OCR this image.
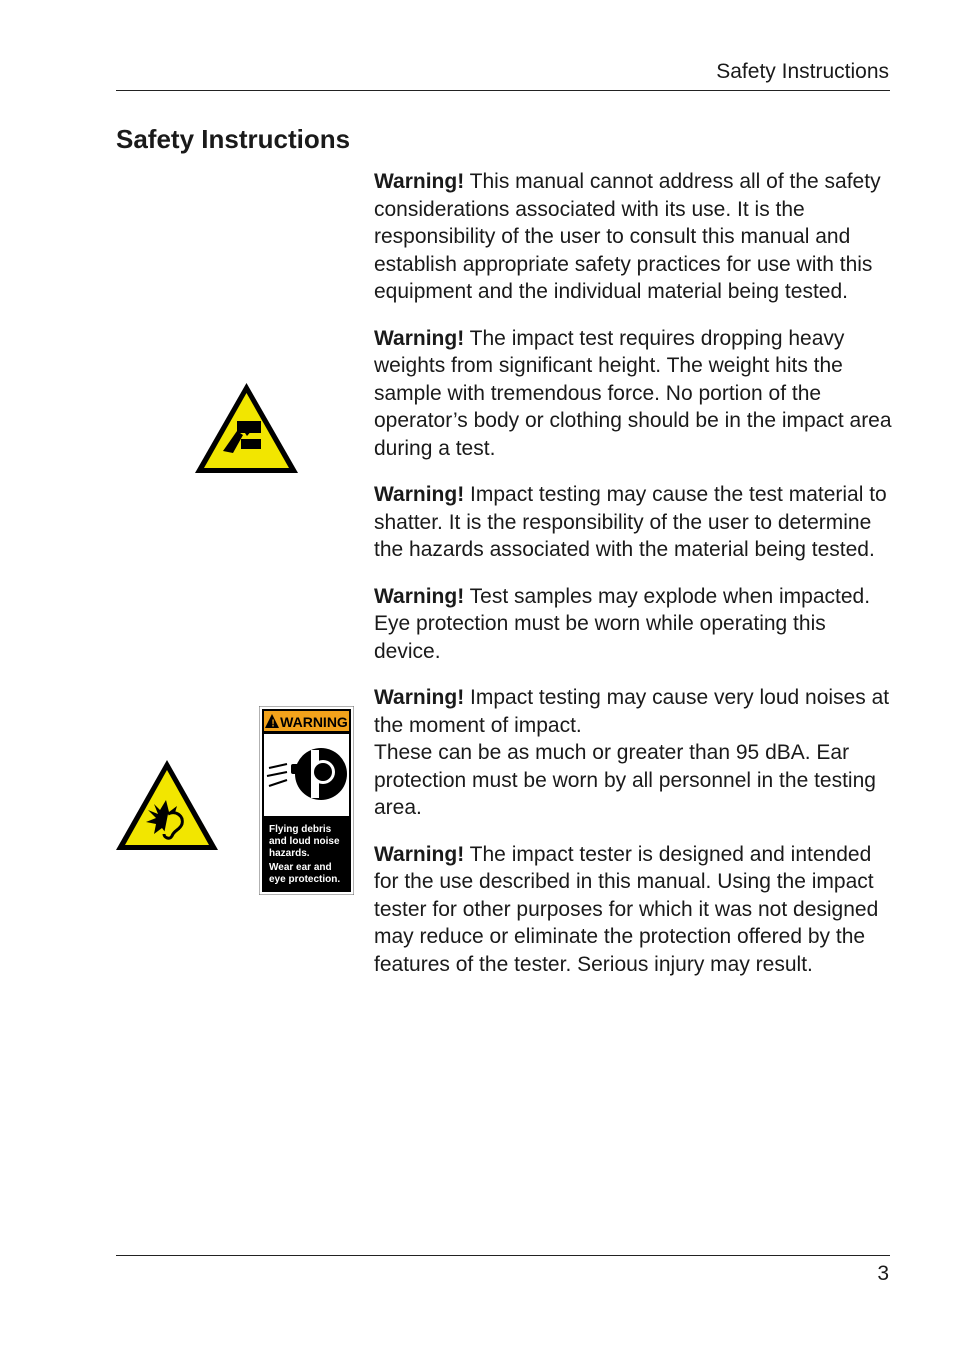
Safety Instructions
Safety Instructions
! WARNING
Flying debris
and loud noise
hazards.
Wear ear and
eye protection.

Warning! This manual cannot address all of the safety considerations associated with its use. It is the responsibility of the user to consult this manual and establish appropriate safety practices for use with this equipment and the individual material being tested.

Warning! The impact test requires dropping heavy weights from significant height. The weight hits the sample with tremendous force. No portion of the operator’s body or clothing should be in the impact area during a test.

Warning! Impact testing may cause the test material to shatter. It is the responsibility of the user to determine the hazards associated with the material being tested.

Warning! Test samples may explode when impacted. Eye protection must be worn while operating this device.

Warning! Impact testing may cause very loud noises at the moment of impact.
These can be as much or greater than 95 dBA. Ear protection must be worn by all personnel in the testing area.

Warning! The impact tester is designed and intended for the use described in this manual. Using the impact tester for other purposes for which it was not designed may reduce or eliminate the protection offered by the features of the tester. Serious injury may result.

3
